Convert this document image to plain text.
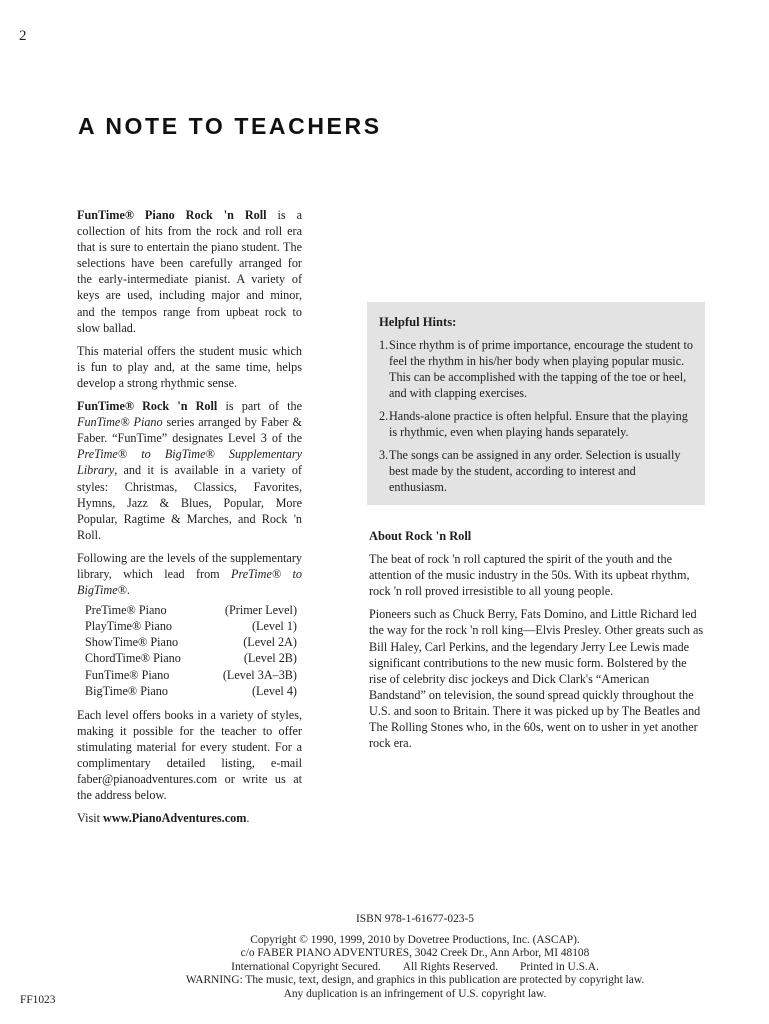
2
A NOTE TO TEACHERS

FunTime® Piano Rock 'n Roll is a collection of hits from the rock and roll era that is sure to entertain the piano student. The selections have been carefully arranged for the early-intermediate pianist. A variety of keys are used, including major and minor, and the tempos range from upbeat rock to slow ballad.

This material offers the student music which is fun to play and, at the same time, helps develop a strong rhythmic sense.

FunTime® Rock 'n Roll is part of the FunTime® Piano series arranged by Faber & Faber. “FunTime” designates Level 3 of the PreTime® to BigTime® Supplementary Library, and it is available in a variety of styles: Christmas, Classics, Favorites, Hymns, Jazz & Blues, Popular, More Popular, Ragtime & Marches, and Rock 'n Roll.

Following are the levels of the supplementary library, which lead from PreTime® to BigTime®.

PreTime® Piano	(Primer Level)
PlayTime® Piano	(Level 1)
ShowTime® Piano	(Level 2A)
ChordTime® Piano	(Level 2B)
FunTime® Piano	(Level 3A–3B)
BigTime® Piano	(Level 4)

Each level offers books in a variety of styles, making it possible for the teacher to offer stimulating material for every student. For a complimentary detailed listing, e-mail faber@pianoadventures.com or write us at the address below.

Visit www.PianoAdventures.com.

Helpful Hints:
1. Since rhythm is of prime importance, encourage the student to feel the rhythm in his/her body when playing popular music. This can be accomplished with the tapping of the toe or heel, and with clapping exercises.
2. Hands-alone practice is often helpful. Ensure that the playing is rhythmic, even when playing hands separately.
3. The songs can be assigned in any order. Selection is usually best made by the student, according to interest and enthusiasm.
About Rock 'n Roll

The beat of rock 'n roll captured the spirit of the youth and the attention of the music industry in the 50s. With its upbeat rhythm, rock 'n roll proved irresistible to all young people.

Pioneers such as Chuck Berry, Fats Domino, and Little Richard led the way for the rock 'n roll king—Elvis Presley. Other greats such as Bill Haley, Carl Perkins, and the legendary Jerry Lee Lewis made significant contributions to the new music form. Bolstered by the rise of celebrity disc jockeys and Dick Clark's “American Bandstand” on television, the sound spread quickly throughout the U.S. and soon to Britain. There it was picked up by The Beatles and The Rolling Stones who, in the 60s, went on to usher in yet another rock era.

ISBN 978-1-61677-023-5
Copyright © 1990, 1999, 2010 by Dovetree Productions, Inc. (ASCAP).
c/o FABER PIANO ADVENTURES, 3042 Creek Dr., Ann Arbor, MI 48108
International Copyright Secured. All Rights Reserved. Printed in U.S.A.
WARNING: The music, text, design, and graphics in this publication are protected by copyright law.
Any duplication is an infringement of U.S. copyright law.
FF1023
